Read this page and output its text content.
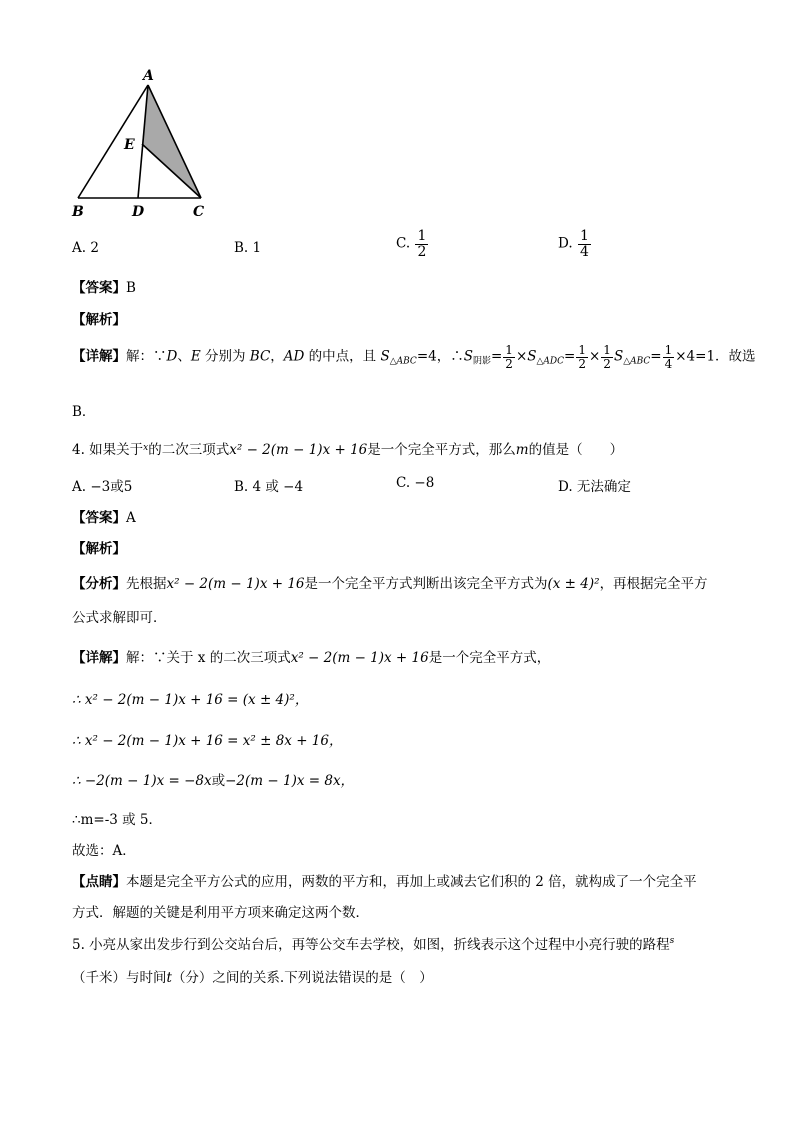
A
B	C
D
E
A. 2	B. 1	C. $\frac{1}{2}$	D. $\frac{1}{4}$
【答案】B
【解析】
【详解】解：∵D、E 分别为 BC，AD 的中点，且 $S_{\triangle ABC}=4$，$\therefore S_{阴影}= \frac{1}{2} \times S_{\triangle ADC}= \frac{1}{2} \times \frac{1}{2} S_{\triangle ABC}= \frac{1}{4} \times 4=1$．故选
B．
4. 如果关于$^x$的二次三项式x² − 2(m − 1)x + 16是一个完全平方式，那么m的值是（　　）
A. −3或5	B. 4 或 −4	C. −8	D. 无法确定
【答案】A
【解析】
【分析】先根据x² − 2(m − 1)x + 16是一个完全平方式判断出该完全平方式为(x ± 4)²，再根据完全平方
公式求解即可．
【详解】解：∵关于 x 的二次三项式x² − 2(m − 1)x + 16是一个完全平方式，
∴ x² − 2(m − 1)x + 16 = (x ± 4)²，
∴ x² − 2(m − 1)x + 16 = x² ± 8x + 16，
∴ −2(m − 1)x = −8x或−2(m − 1)x = 8x，
∴m=-3 或 5．
故选：A．
【点睛】本题是完全平方公式的应用，两数的平方和，再加上或减去它们积的 2 倍，就构成了一个完全平
方式．解题的关键是利用平方项来确定这两个数．
5. 小亮从家出发步行到公交站台后，再等公交车去学校，如图，折线表示这个过程中小亮行驶的路程$^s$
（千米）与时间t（分）之间的关系.下列说法错误的是（　）
